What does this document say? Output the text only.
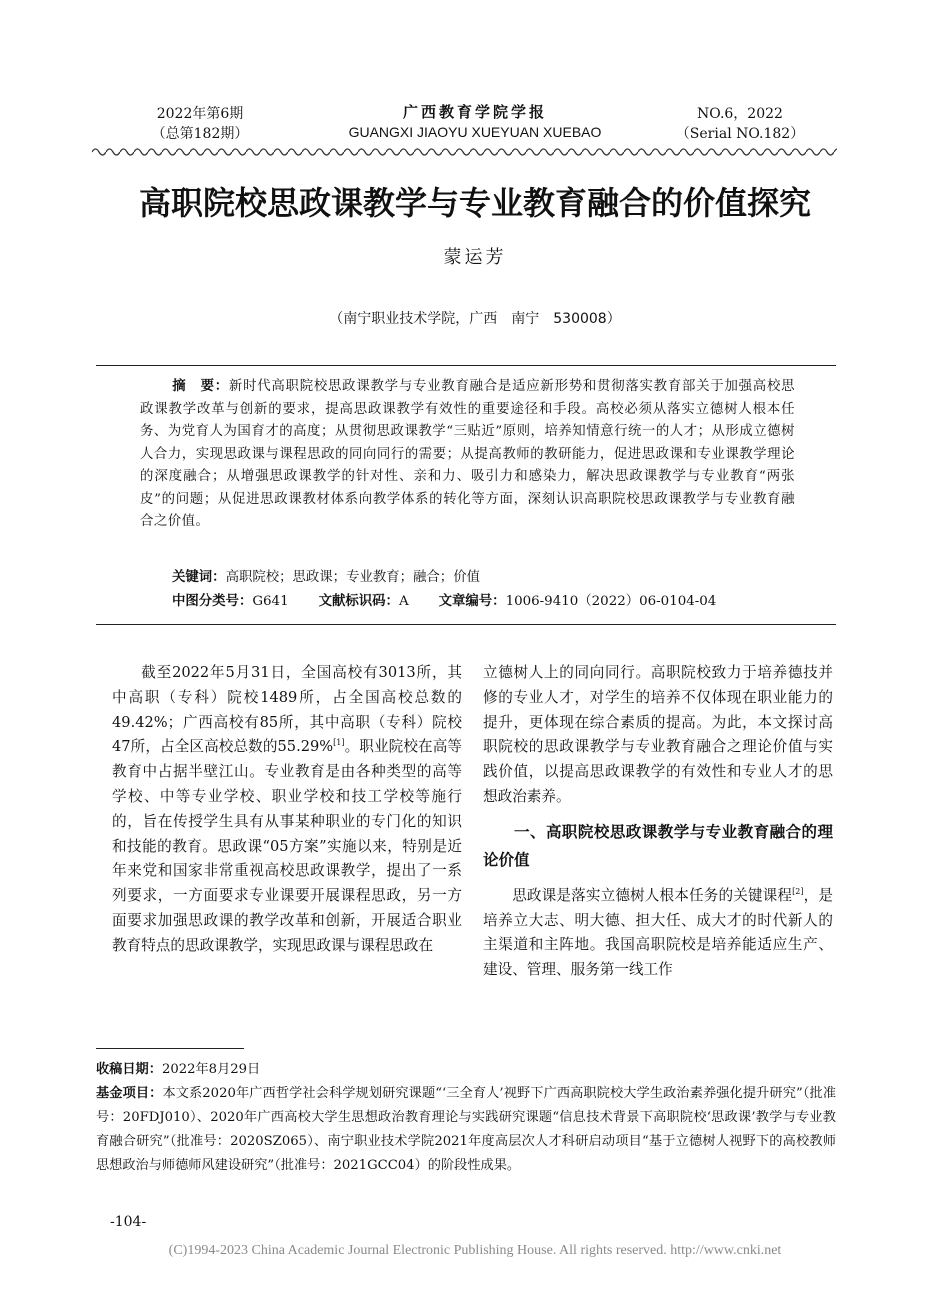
2022年第6期
（总第182期）
广西教育学院学报
GUANGXI JIAOYU XUEYUAN XUEBAO
NO.6，2022
（Serial NO.182）
高职院校思政课教学与专业教育融合的价值探究
蒙运芳
（南宁职业技术学院，广西　南宁　530008）

摘　要：新时代高职院校思政课教学与专业教育融合是适应新形势和贯彻落实教育部关于加强高校思政课教学改革与创新的要求，提高思政课教学有效性的重要途径和手段。高校必须从落实立德树人根本任务、为党育人为国育才的高度；从贯彻思政课教学“三贴近”原则，培养知情意行统一的人才；从形成立德树人合力，实现思政课与课程思政的同向同行的需要；从提高教师的教研能力，促进思政课和专业课教学理论的深度融合；从增强思政课教学的针对性、亲和力、吸引力和感染力，解决思政课教学与专业教育“两张皮”的问题；从促进思政课教材体系向教学体系的转化等方面，深刻认识高职院校思政课教学与专业教育融合之价值。

关键词：高职院校；思政课；专业教育；融合；价值
中图分类号：G641 文献标识码：A 文章编号：1006-9410（2022）06-0104-04

截至2022年5月31日，全国高校有3013所，其中高职（专科）院校1489所，占全国高校总数的49.42%；广西高校有85所，其中高职（专科）院校47所，占全区高校总数的55.29%[1]。职业院校在高等教育中占据半壁江山。专业教育是由各种类型的高等学校、中等专业学校、职业学校和技工学校等施行的，旨在传授学生具有从事某种职业的专门化的知识和技能的教育。思政课“05方案”实施以来，特别是近年来党和国家非常重视高校思政课教学，提出了一系列要求，一方面要求专业课要开展课程思政，另一方面要求加强思政课的教学改革和创新，开展适合职业教育特点的思政课教学，实现思政课与课程思政在

立德树人上的同向同行。高职院校致力于培养德技并修的专业人才，对学生的培养不仅体现在职业能力的提升，更体现在综合素质的提高。为此，本文探讨高职院校的思政课教学与专业教育融合之理论价值与实践价值，以提高思政课教学的有效性和专业人才的思想政治素养。

一、高职院校思政课教学与专业教育融合的理论价值

思政课是落实立德树人根本任务的关键课程[2]，是培养立大志、明大德、担大任、成大才的时代新人的主渠道和主阵地。我国高职院校是培养能适应生产、建设、管理、服务第一线工作

收稿日期：2022年8月29日
基金项目：本文系2020年广西哲学社会科学规划研究课题“‘三全育人’视野下广西高职院校大学生政治素养强化提升研究”（批准号：20FDJ010）、2020年广西高校大学生思想政治教育理论与实践研究课题“信息技术背景下高职院校‘思政课’教学与专业教育融合研究”（批准号：2020SZ065）、南宁职业技术学院2021年度高层次人才科研启动项目“基于立德树人视野下的高校教师思想政治与师德师风建设研究”（批准号：2021GCC04）的阶段性成果。
-104-
(C)1994-2023 China Academic Journal Electronic Publishing House. All rights reserved. http://www.cnki.net
